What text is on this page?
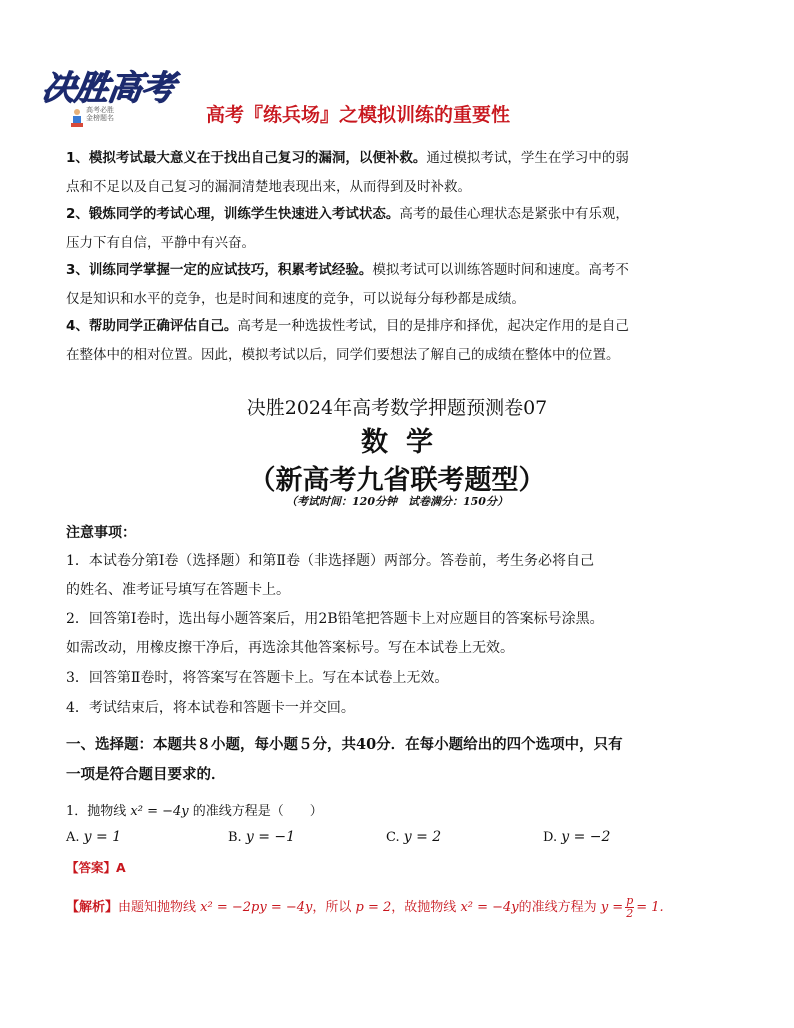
决胜高考
高考必胜
金榜题名	高考『练兵场』之模拟训练的重要性
1、模拟考试最大意义在于找出自己复习的漏洞，以便补救。通过模拟考试，学生在学习中的弱
点和不足以及自己复习的漏洞清楚地表现出来，从而得到及时补救。
2、锻炼同学的考试心理，训练学生快速进入考试状态。高考的最佳心理状态是紧张中有乐观，
压力下有自信，平静中有兴奋。
3、训练同学掌握一定的应试技巧，积累考试经验。模拟考试可以训练答题时间和速度。高考不
仅是知识和水平的竞争，也是时间和速度的竞争，可以说每分每秒都是成绩。
4、帮助同学正确评估自己。高考是一种选拔性考试，目的是排序和择优，起决定作用的是自己
在整体中的相对位置。因此，模拟考试以后，同学们要想法了解自己的成绩在整体中的位置。
决胜2024年高考数学押题预测卷07
数学
（新高考九省联考题型）
（考试时间：120分钟　试卷满分：150分）
注意事项：
1．本试卷分第Ⅰ卷（选择题）和第Ⅱ卷（非选择题）两部分。答卷前，考生务必将自己
的姓名、准考证号填写在答题卡上。
2．回答第Ⅰ卷时，选出每小题答案后，用2B铅笔把答题卡上对应题目的答案标号涂黑。
如需改动，用橡皮擦干净后，再选涂其他答案标号。写在本试卷上无效。
3．回答第Ⅱ卷时，将答案写在答题卡上。写在本试卷上无效。
4．考试结束后，将本试卷和答题卡一并交回。
一、选择题：本题共８小题，每小题５分，共40分．在每小题给出的四个选项中，只有
一项是符合题目要求的．
1．抛物线 x² = −4y 的准线方程是（　　）
A. y = 1	B. y = −1	C. y = 2	D. y = −2
【答案】A
【解析】由题知抛物线 x² = −2py = −4y，所以 p = 2，故抛物线 x² = −4y的准线方程为 $y = \frac{p}{2} = 1$.
